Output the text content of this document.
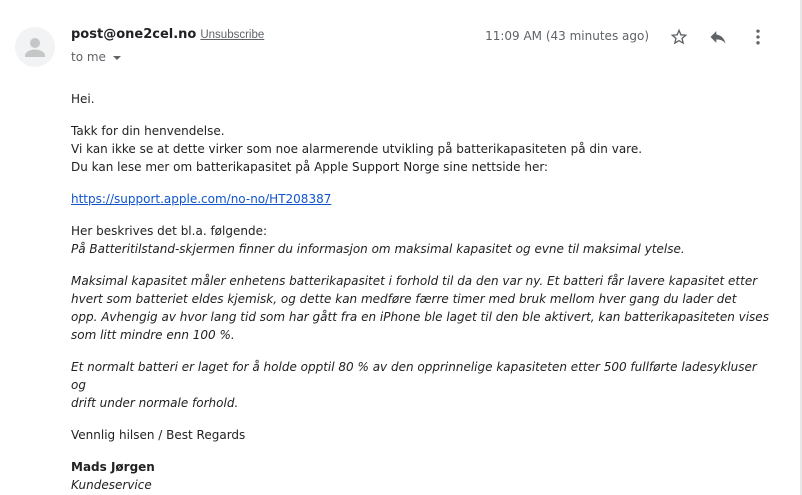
post@one2cel.no Unsubscribe
to me
11:09 AM (43 minutes ago)

Hei.

Takk for din henvendelse.
Vi kan ikke se at dette virker som noe alarmerende utvikling på batterikapasiteten på din vare.
Du kan lese mer om batterikapasitet på Apple Support Norge sine nettside her:

https://support.apple.com/no-no/HT208387

Her beskrives det bl.a. følgende:
På Batteritilstand-skjermen finner du informasjon om maksimal kapasitet og evne til maksimal ytelse.

Maksimal kapasitet måler enhetens batterikapasitet i forhold til da den var ny. Et batteri får lavere kapasitet etter
hvert som batteriet eldes kjemisk, og dette kan medføre færre timer med bruk mellom hver gang du lader det
opp. Avhengig av hvor lang tid som har gått fra en iPhone ble laget til den ble aktivert, kan batterikapasiteten vises
som litt mindre enn 100 %.

Et normalt batteri er laget for å holde opptil 80 % av den opprinnelige kapasiteten etter 500 fullførte ladesykluser og
drift under normale forhold.

Vennlig hilsen / Best Regards

Mads Jørgen
Kundeservice
